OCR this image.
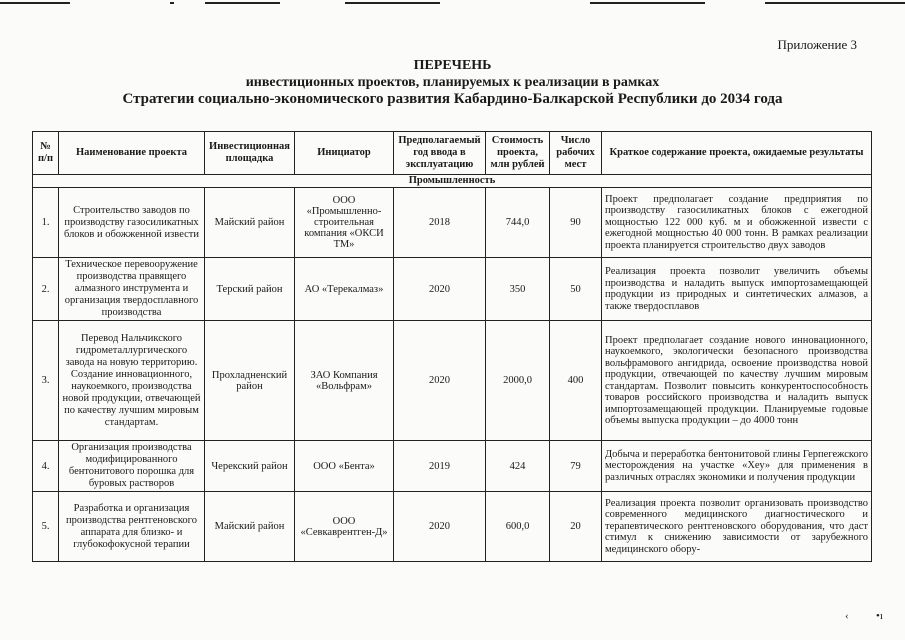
Приложение 3
ПЕРЕЧЕНЬ
инвестиционных проектов, планируемых к реализации в рамках
Стратегии социально-экономического развития Кабардино-Балкарской Республики до 2034 года
№ п/п	Наименование проекта	Инвестиционная площадка	Инициатор	Предполагаемый год ввода в эксплуатацию	Стоимость проекта, млн рублей	Число рабочих мест	Краткое содержание проекта, ожидаемые результаты
Промышленность							
1.	Строительство заводов по производству газосиликатных блоков и обожженной извести	Майский район	ООО «Промышленно-строительная компания «ОКСИ ТМ»	2018	744,0	90	Проект предполагает создание предприятия по производству газосиликатных блоков с ежегодной мощностью 122 000 куб. м и обожженной извести с ежегодной мощностью 40 000 тонн. В рамках реализации проекта планируется строительство двух заводов
2.	Техническое перевооружение производства правящего алмазного инструмента и организация твердосплавного производства	Терский район	АО «Терекалмаз»	2020	350	50	Реализация проекта позволит увеличить объемы производства и наладить выпуск импортозамещающей продукции из природных и синтетических алмазов, а также твердосплавов
3.	Перевод Нальчикского гидрометаллургического завода на новую территорию. Создание инновационного, наукоемкого, производства новой продукции, отвечающей по качеству лучшим мировым стандартам.	Прохладненский район	ЗАО Компания «Вольфрам»	2020	2000,0	400	Проект предполагает создание нового инновационного, наукоемкого, экологически безопасного производства вольфрамового ангидрида, освоение производства новой продукции, отвечающей по качеству лучшим мировым стандартам. Позволит повысить конкурентоспособность товаров российского производства и наладить выпуск импортозамещающей продукции. Планируемые годовые объемы выпуска продукции – до 4000 тонн
4.	Организация производства модифицированного бентонитового порошка для буровых растворов	Черекский район	ООО «Бента»	2019	424	79	Добыча и переработка бентонитовой глины Герпегежского месторождения на участке «Хеу» для применения в различных отраслях экономики и получения продукции
5.	Разработка и организация производства рентгеновского аппарата для близко- и глубокофокусной терапии	Майский район	ООО «Севкаврентген-Д»	2020	600,0	20	Реализация проекта позволит организовать производство современного медицинского диагностического и терапевтического рентгеновского оборудования, что даст стимул к снижению зависимости от зарубежного медицинского обору-
‹ •ı
